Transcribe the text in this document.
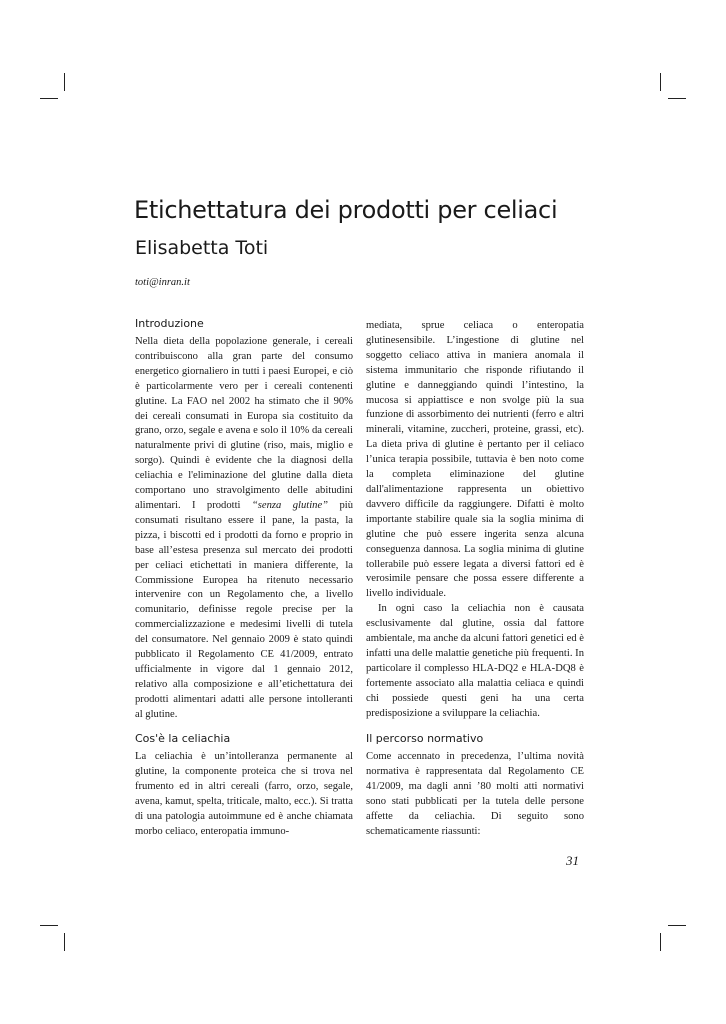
Etichettatura dei prodotti per celiaci
Elisabetta Toti
toti@inran.it
Introduzione

Nella dieta della popolazione generale, i cereali contribuiscono alla gran parte del consumo energetico giornaliero in tutti i paesi Europei, e ciò è particolarmente vero per i cereali contenenti glutine. La FAO nel 2002 ha stimato che il 90% dei cereali consumati in Europa sia costituito da grano, orzo, segale e avena e solo il 10% da cereali naturalmente privi di glutine (riso, mais, miglio e sorgo). Quindi è evidente che la diagnosi della celiachia e l'eliminazione del glutine dalla dieta comportano uno stravolgimento delle abitudini alimentari. I prodotti “senza glutine” più consumati risultano essere il pane, la pasta, la pizza, i biscotti ed i prodotti da forno e proprio in base all’estesa presenza sul mercato dei prodotti per celiaci etichettati in maniera differente, la Commissione Europea ha ritenuto necessario intervenire con un Regolamento che, a livello comunitario, definisse regole precise per la commercializzazione e medesimi livelli di tutela del consumatore. Nel gennaio 2009 è stato quindi pubblicato il Regolamento CE 41/2009, entrato ufficialmente in vigore dal 1 gennaio 2012, relativo alla composizione e all’etichettatura dei prodotti alimentari adatti alle persone intolleranti al glutine.

mediata, sprue celiaca o enteropatia glutinesensibile. L’ingestione di glutine nel soggetto celiaco attiva in maniera anomala il sistema immunitario che risponde rifiutando il glutine e danneggiando quindi l’intestino, la mucosa si appiattisce e non svolge più la sua funzione di assorbimento dei nutrienti (ferro e altri minerali, vitamine, zuccheri, proteine, grassi, etc). La dieta priva di glutine è pertanto per il celiaco l’unica terapia possibile, tuttavia è ben noto come la completa eliminazione del glutine dall'alimentazione rappresenta un obiettivo davvero difficile da raggiungere. Difatti è molto importante stabilire quale sia la soglia minima di glutine che può essere ingerita senza alcuna conseguenza dannosa. La soglia minima di glutine tollerabile può essere legata a diversi fattori ed è verosimile pensare che possa essere differente a livello individuale.

In ogni caso la celiachia non è causata esclusivamente dal glutine, ossia dal fattore ambientale, ma anche da alcuni fattori genetici ed è infatti una delle malattie genetiche più frequenti. In particolare il complesso HLA-DQ2 e HLA-DQ8 è fortemente associato alla malattia celiaca e quindi chi possiede questi geni ha una certa predisposizione a sviluppare la celiachia.

Cos'è la celiachia

La celiachia è un’intolleranza permanente al glutine, la componente proteica che si trova nel frumento ed in altri cereali (farro, orzo, segale, avena, kamut, spelta, triticale, malto, ecc.). Si tratta di una patologia autoimmune ed è anche chiamata morbo celiaco, enteropatia immuno-

Il percorso normativo

Come accennato in precedenza, l’ultima novità normativa è rappresentata dal Regolamento CE 41/2009, ma dagli anni ’80 molti atti normativi sono stati pubblicati per la tutela delle persone affette da celiachia. Di seguito sono schematicamente riassunti:

31
